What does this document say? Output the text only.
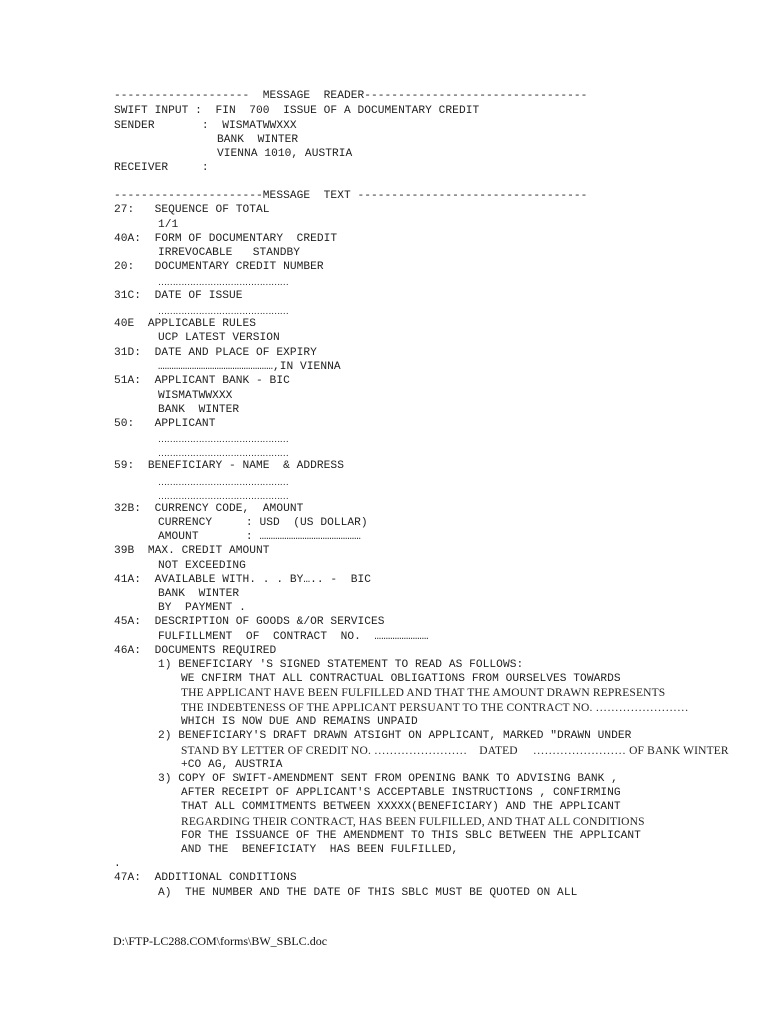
--------------------  MESSAGE  READER---------------------------------
SWIFT INPUT :  FIN  700  ISSUE OF A DOCUMENTARY CREDIT
SENDER       :  WISMATWWXXX
BANK  WINTER
VIENNA 1010, AUSTRIA
RECEIVER     :
----------------------MESSAGE  TEXT ----------------------------------
27:   SEQUENCE OF TOTAL
1/1
40A:  FORM OF DOCUMENTARY  CREDIT
IRREVOCABLE   STANDBY
20:   DOCUMENTARY CREDIT NUMBER
………………………………………
31C:  DATE OF ISSUE
………………………………………
40E  APPLICABLE RULES
UCP LATEST VERSION
31D:  DATE AND PLACE OF EXPIRY
……………………………………………,IN VIENNA
51A:  APPLICANT BANK - BIC
WISMATWWXXX
BANK  WINTER
50:   APPLICANT
………………………………………
………………………………………
59:  BENEFICIARY - NAME  & ADDRESS
………………………………………
………………………………………
32B:  CURRENCY CODE,  AMOUNT
CURRENCY     : USD  (US DOLLAR)
AMOUNT       : ………………………………………
39B  MAX. CREDIT AMOUNT
NOT EXCEEDING
41A:  AVAILABLE WITH. . . BY….. -  BIC
BANK  WINTER
BY  PAYMENT .
45A:  DESCRIPTION OF GOODS &/OR SERVICES
FULFILLMENT  OF  CONTRACT  NO.  ……………………
46A:  DOCUMENTS REQUIRED
1) BENEFICIARY 'S SIGNED STATEMENT TO READ AS FOLLOWS:
WE CNFIRM THAT ALL CONTRACTUAL OBLIGATIONS FROM OURSELVES TOWARDS
THE APPLICANT HAVE BEEN FULFILLED AND THAT THE AMOUNT DRAWN REPRESENTS
THE INDEBTENESS OF THE APPLICANT PERSUANT TO THE CONTRACT NO. ……………………
WHICH IS NOW DUE AND REMAINS UNPAID
2) BENEFICIARY'S DRAFT DRAWN ATSIGHT ON APPLICANT, MARKED "DRAWN UNDER
STAND BY LETTER OF CREDIT NO. ……………………    DATED     …………………… OF BANK WINTER
+CO AG, AUSTRIA
3) COPY OF SWIFT-AMENDMENT SENT FROM OPENING BANK TO ADVISING BANK ,
AFTER RECEIPT OF APPLICANT'S ACCEPTABLE INSTRUCTIONS , CONFIRMING
THAT ALL COMMITMENTS BETWEEN XXXXX(BENEFICIARY) AND THE APPLICANT
REGARDING THEIR CONTRACT, HAS BEEN FULFILLED, AND THAT ALL CONDITIONS
FOR THE ISSUANCE OF THE AMENDMENT TO THIS SBLC BETWEEN THE APPLICANT
AND THE  BENEFICIATY  HAS BEEN FULFILLED,
.
47A:  ADDITIONAL CONDITIONS
A)  THE NUMBER AND THE DATE OF THIS SBLC MUST BE QUOTED ON ALL
D:\FTP-LC288.COM\forms\BW_SBLC.doc
